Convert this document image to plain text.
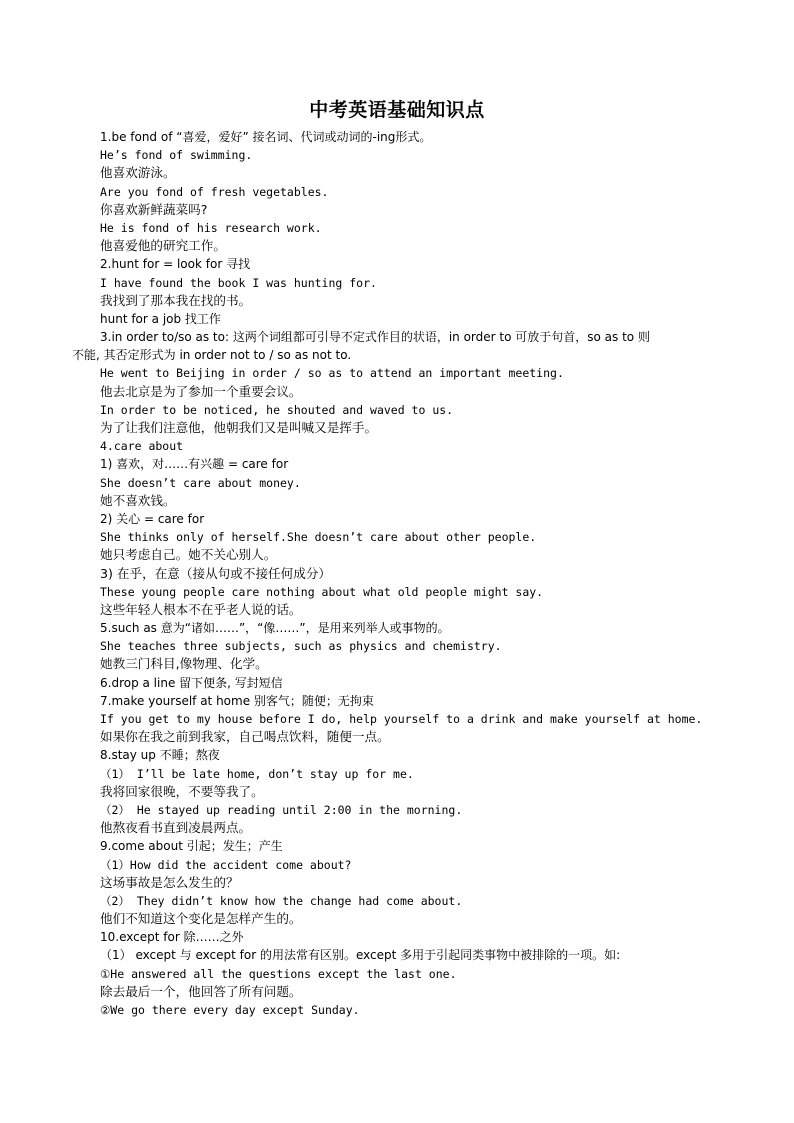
中考英语基础知识点
1.be fond of “喜爱，爱好” 接名词、代词或动词的-ing形式。
He’s fond of swimming.
他喜欢游泳。
Are you fond of fresh vegetables.
你喜欢新鲜蔬菜吗?
He is fond of his research work.
他喜爱他的研究工作。
2.hunt for = look for 寻找
I have found the book I was hunting for.
我找到了那本我在找的书。
hunt for a job 找工作
3.in order to/so as to: 这两个词组都可引导不定式作目的状语，in order to 可放于句首，so as to 则
不能, 其否定形式为 in order not to / so as not to.
He went to Beijing in order / so as to attend an important meeting.
他去北京是为了参加一个重要会议。
In order to be noticed, he shouted and waved to us.
为了让我们注意他，他朝我们又是叫喊又是挥手。
4.care about
1) 喜欢，对……有兴趣 = care for
She doesn’t care about money.
她不喜欢钱。
2) 关心 = care for
She thinks only of herself.She doesn’t care about other people.
她只考虑自己。她不关心别人。
3) 在乎，在意（接从句或不接任何成分）
These young people care nothing about what old people might say.
这些年轻人根本不在乎老人说的话。
5.such as 意为“诸如……”，“像……”，是用来列举人或事物的。
She teaches three subjects, such as physics and chemistry.
她教三门科目,像物理、化学。
6.drop a line 留下便条, 写封短信
7.make yourself at home 别客气；随便；无拘束
If you get to my house before I do, help yourself to a drink and make yourself at home.
如果你在我之前到我家，自己喝点饮料，随便一点。
8.stay up 不睡；熬夜
（1） I’ll be late home, don’t stay up for me.
我将回家很晚，不要等我了。
（2） He stayed up reading until 2:00 in the morning.
他熬夜看书直到凌晨两点。
9.come about 引起；发生；产生
（1）How did the accident come about?
这场事故是怎么发生的？
（2） They didn’t know how the change had come about.
他们不知道这个变化是怎样产生的。
10.except for 除……之外
（1） except 与 except for 的用法常有区别。except 多用于引起同类事物中被排除的一项。如:
①He answered all the questions except the last one.
除去最后一个，他回答了所有问题。
②We go there every day except Sunday.
